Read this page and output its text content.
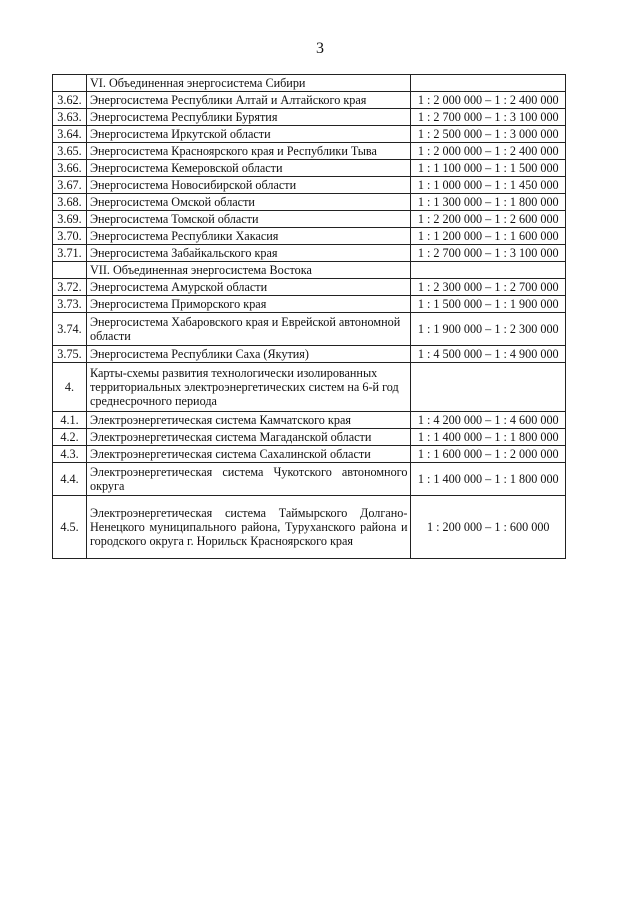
3
	VI. Объединенная энергосистема Сибири	
3.62.	Энергосистема Республики Алтай и Алтайского края	1 : 2 000 000 – 1 : 2 400 000
3.63.	Энергосистема Республики Бурятия	1 : 2 700 000 – 1 : 3 100 000
3.64.	Энергосистема Иркутской области	1 : 2 500 000 – 1 : 3 000 000
3.65.	Энергосистема Красноярского края и Республики Тыва	1 : 2 000 000 – 1 : 2 400 000
3.66.	Энергосистема Кемеровской области	1 : 1 100 000 – 1 : 1 500 000
3.67.	Энергосистема Новосибирской области	1 : 1 000 000 – 1 : 1 450 000
3.68.	Энергосистема Омской области	1 : 1 300 000 – 1 : 1 800 000
3.69.	Энергосистема Томской области	1 : 2 200 000 – 1 : 2 600 000
3.70.	Энергосистема Республики Хакасия	1 : 1 200 000 – 1 : 1 600 000
3.71.	Энергосистема Забайкальского края	1 : 2 700 000 – 1 : 3 100 000
	VII. Объединенная энергосистема Востока	
3.72.	Энергосистема Амурской области	1 : 2 300 000 – 1 : 2 700 000
3.73.	Энергосистема Приморского края	1 : 1 500 000 – 1 : 1 900 000
3.74.	Энергосистема Хабаровского края и Еврейской автономной области	1 : 1 900 000 – 1 : 2 300 000
3.75.	Энергосистема Республики Саха (Якутия)	1 : 4 500 000 – 1 : 4 900 000
4.	Карты-схемы развития технологически изолированных территориальных электроэнергетических систем на 6-й год среднесрочного периода	
4.1.	Электроэнергетическая система Камчатского края	1 : 4 200 000 – 1 : 4 600 000
4.2.	Электроэнергетическая система Магаданской области	1 : 1 400 000 – 1 : 1 800 000
4.3.	Электроэнергетическая система Сахалинской области	1 : 1 600 000 – 1 : 2 000 000
4.4.	Электроэнергетическая система Чукотского автономного округа	1 : 1 400 000 – 1 : 1 800 000
4.5.	Электроэнергетическая система Таймырского Долгано-Ненецкого муниципального района, Туруханского района и городского округа г. Норильск Красноярского края	1 : 200 000 – 1 : 600 000
